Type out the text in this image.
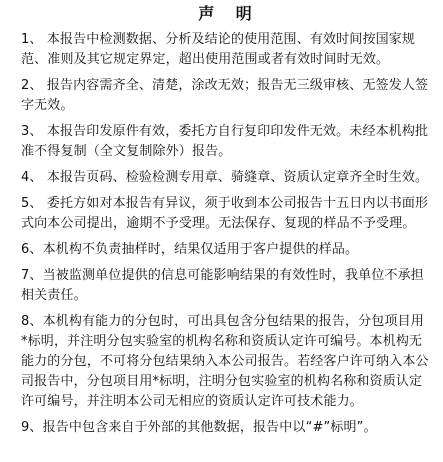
声 明

1、 本报告中检测数据、分析及结论的使用范围、有效时间按国家规范、准则及其它规定界定，超出使用范围或者有效时间时无效。

2、 报告内容需齐全、清楚，涂改无效；报告无三级审核、无签发人签字无效。

3、 本报告印发原件有效，委托方自行复印印发件无效。未经本机构批准不得复制（全文复制除外）报告。

4、 本报告页码、检验检测专用章、骑缝章、资质认定章齐全时生效。

5、 委托方如对本报告有异议，须于收到本公司报告十五日内以书面形式向本公司提出，逾期不予受理。无法保存、复现的样品不予受理。

6、本机构不负责抽样时，结果仅适用于客户提供的样品。

7、当被监测单位提供的信息可能影响结果的有效性时，我单位不承担相关责任。

8、本机构有能力的分包时，可出具包含分包结果的报告，分包项目用*标明，并注明分包实验室的机构名称和资质认定许可编号。本机构无能力的分包，不可将分包结果纳入本公司报告。若经客户许可纳入本公司报告中，分包项目用*标明，注明分包实验室的机构名称和资质认定许可编号，并注明本公司无相应的资质认定许可技术能力。

9、报告中包含来自于外部的其他数据，报告中以“#”标明”。
